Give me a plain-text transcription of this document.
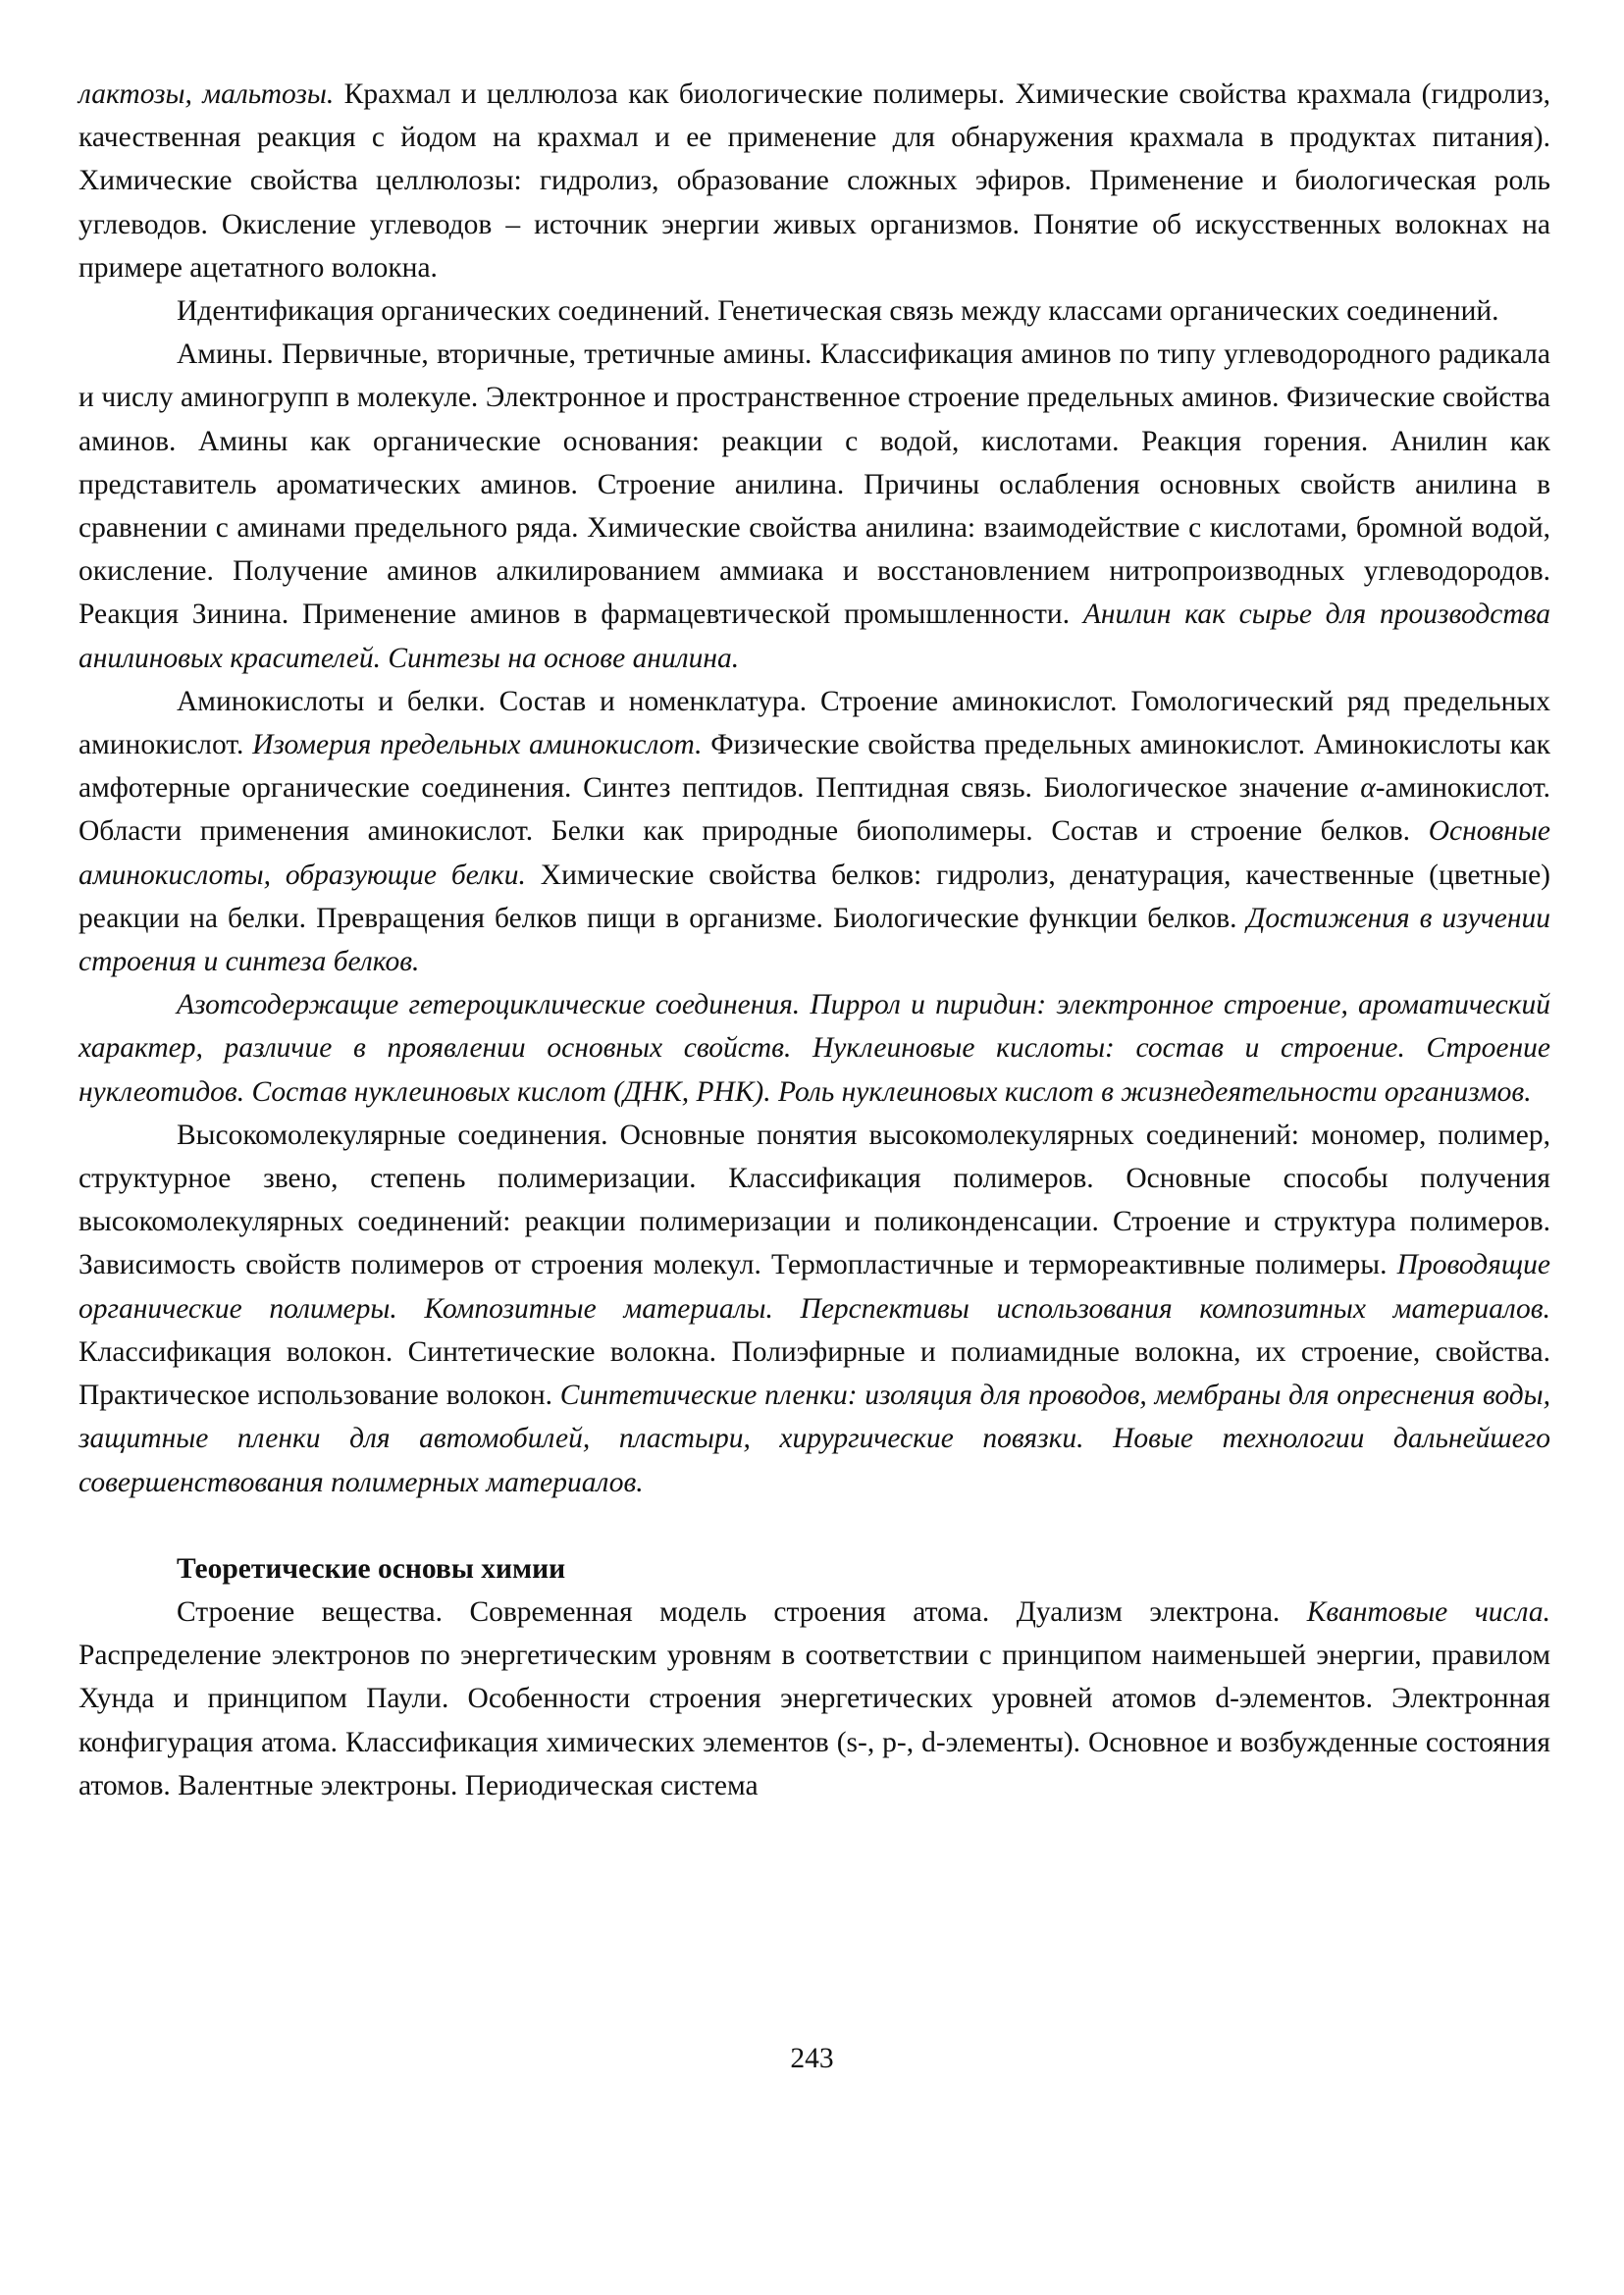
лактозы, мальтозы. Крахмал и целлюлоза как биологические полимеры. Химические свойства крахмала (гидролиз, качественная реакция с йодом на крахмал и ее применение для обнаружения крахмала в продуктах питания). Химические свойства целлюлозы: гидролиз, образование сложных эфиров. Применение и биологическая роль углеводов. Окисление углеводов – источник энергии живых организмов. Понятие об искусственных волокнах на примере ацетатного волокна.

Идентификация органических соединений. Генетическая связь между классами органических соединений.

Амины. Первичные, вторичные, третичные амины. Классификация аминов по типу углеводородного радикала и числу аминогрупп в молекуле. Электронное и пространственное строение предельных аминов. Физические свойства аминов. Амины как органические основания: реакции с водой, кислотами. Реакция горения. Анилин как представитель ароматических аминов. Строение анилина. Причины ослабления основных свойств анилина в сравнении с аминами предельного ряда. Химические свойства анилина: взаимодействие с кислотами, бромной водой, окисление. Получение аминов алкилированием аммиака и восстановлением нитропроизводных углеводородов. Реакция Зинина. Применение аминов в фармацевтической промышленности. Анилин как сырье для производства анилиновых красителей. Синтезы на основе анилина.

Аминокислоты и белки. Состав и номенклатура. Строение аминокислот. Гомологический ряд предельных аминокислот. Изомерия предельных аминокислот. Физические свойства предельных аминокислот. Аминокислоты как амфотерные органические соединения. Синтез пептидов. Пептидная связь. Биологическое значение α-аминокислот. Области применения аминокислот. Белки как природные биополимеры. Состав и строение белков. Основные аминокислоты, образующие белки. Химические свойства белков: гидролиз, денатурация, качественные (цветные) реакции на белки. Превращения белков пищи в организме. Биологические функции белков. Достижения в изучении строения и синтеза белков.

Азотсодержащие гетероциклические соединения. Пиррол и пиридин: электронное строение, ароматический характер, различие в проявлении основных свойств. Нуклеиновые кислоты: состав и строение. Строение нуклеотидов. Состав нуклеиновых кислот (ДНК, РНК). Роль нуклеиновых кислот в жизнедеятельности организмов.

Высокомолекулярные соединения. Основные понятия высокомолекулярных соединений: мономер, полимер, структурное звено, степень полимеризации. Классификация полимеров. Основные способы получения высокомолекулярных соединений: реакции полимеризации и поликонденсации. Строение и структура полимеров. Зависимость свойств полимеров от строения молекул. Термопластичные и термореактивные полимеры. Проводящие органические полимеры. Композитные материалы. Перспективы использования композитных материалов. Классификация волокон. Синтетические волокна. Полиэфирные и полиамидные волокна, их строение, свойства. Практическое использование волокон. Синтетические пленки: изоляция для проводов, мембраны для опреснения воды, защитные пленки для автомобилей, пластыри, хирургические повязки. Новые технологии дальнейшего совершенствования полимерных материалов.

Теоретические основы химии

Строение вещества. Современная модель строения атома. Дуализм электрона. Квантовые числа. Распределение электронов по энергетическим уровням в соответствии с принципом наименьшей энергии, правилом Хунда и принципом Паули. Особенности строения энергетических уровней атомов d-элементов. Электронная конфигурация атома. Классификация химических элементов (s-, p-, d-элементы). Основное и возбужденные состояния атомов. Валентные электроны. Периодическая система

243
